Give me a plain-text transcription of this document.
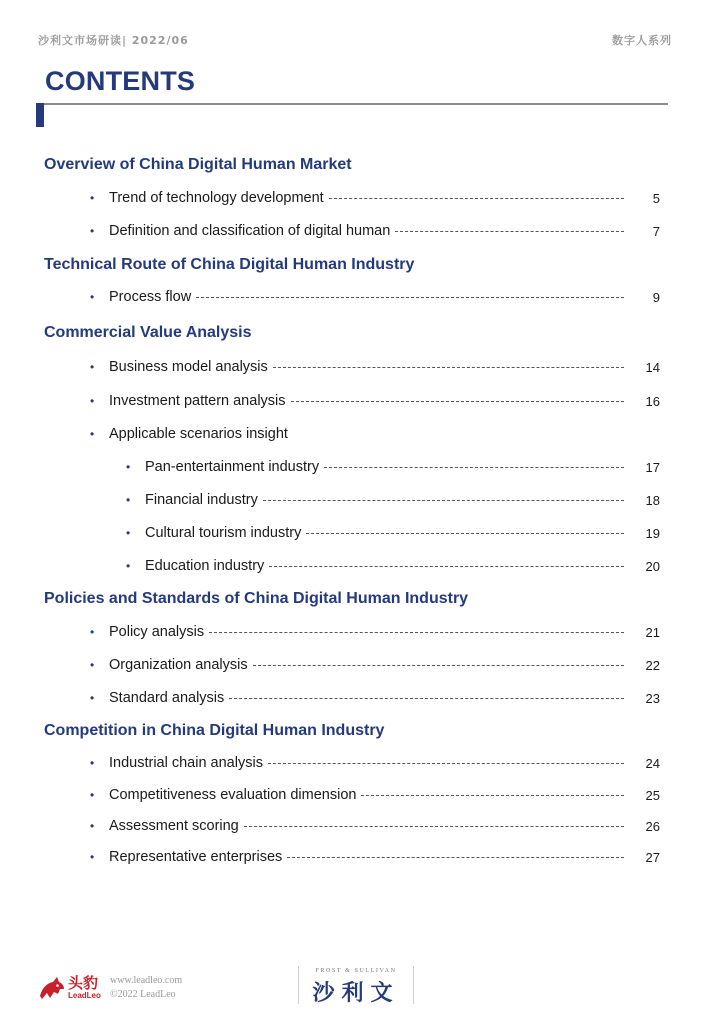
沙利文市场研读| 2022/06	数字人系列
CONTENTS
Overview of China Digital Human Market
•	Trend of technology development	5
•	Definition and classification of digital human	7
Technical Route of China Digital Human Industry
•	Process flow	9
Commercial Value Analysis
•	Business model analysis	14
•	Investment pattern analysis	16
•	Applicable scenarios insight
•	Pan-entertainment industry	17
•	Financial industry	18
•	Cultural tourism industry	19
•	Education industry	20
Policies and Standards of China Digital Human Industry
•	Policy analysis	21
•	Organization analysis	22
•	Standard analysis	23
Competition in China Digital Human Industry
•	Industrial chain analysis	24
•	Competitiveness evaluation dimension	25
•	Assessment scoring	26
•	Representative enterprises	27
头豹
LeadLeo
www.leadleo.com
©2022 LeadLeo
FROST & SULLIVAN
沙利文
